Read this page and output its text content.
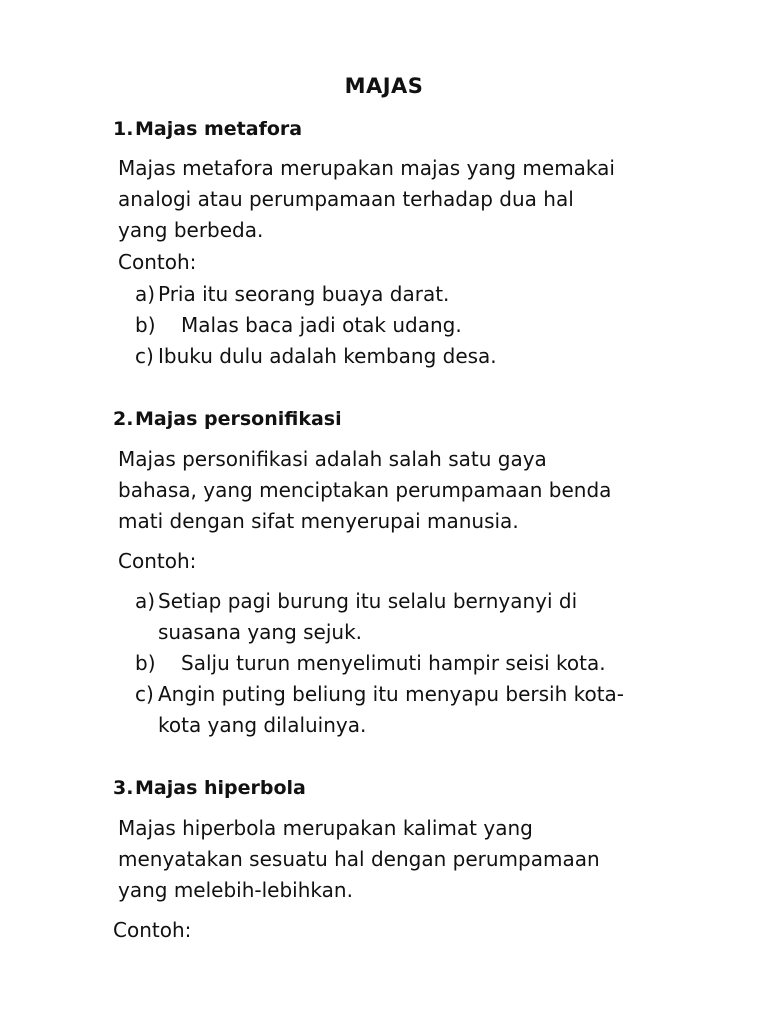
MAJAS
1.Majas metafora
Majas metafora merupakan majas yang memakai
analogi atau perumpamaan terhadap dua hal
yang berbeda.
Contoh:
a) Pria itu seorang buaya darat.
b) Malas baca jadi otak udang.
c) Ibuku dulu adalah kembang desa.
2.Majas personifikasi
Majas personifikasi adalah salah satu gaya
bahasa, yang menciptakan perumpamaan benda
mati dengan sifat menyerupai manusia.
Contoh:
a) Setiap pagi burung itu selalu bernyanyi di
suasana yang sejuk.
b) Salju turun menyelimuti hampir seisi kota.
c) Angin puting beliung itu menyapu bersih kota-
kota yang dilaluinya.
3.Majas hiperbola
Majas hiperbola merupakan kalimat yang
menyatakan sesuatu hal dengan perumpamaan
yang melebih-lebihkan.
Contoh:
